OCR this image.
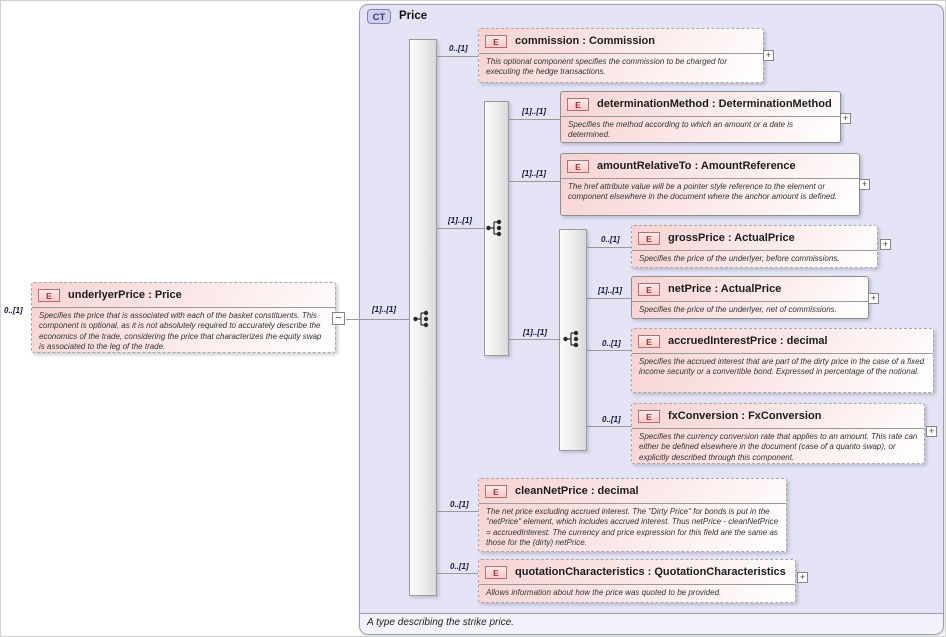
CT	Price
A type describing the strike price.
0..[1]	[1]..[1]
0..[1]
[1]..[1]
0..[1]
0..[1]
[1]..[1]
[1]..[1]
[1]..[1]
0..[1]
[1]..[1]
0..[1]
0..[1]
E	underlyerPrice : Price
Specifies the price that is associated with each of the basket constituents. This component is optional, as it is not absolutely required to accurately describe the economics of the trade, considering the price that characterizes the equity swap is associated to the leg of the trade.
−
E	commission : Commission
This optional component specifies the commission to be charged for executing the hedge transactions.
+
E	determinationMethod : DeterminationMethod
Specifies the method according to which an amount or a date is determined.
+
E	amountRelativeTo : AmountReference
The href attribute value will be a pointer style reference to the element or component elsewhere in the document where the anchor amount is defined.
+
E	grossPrice : ActualPrice
Specifies the price of the underlyer, before commissions.
+
E	netPrice : ActualPrice
Specifies the price of the underlyer, net of commissions.
+
E	accruedInterestPrice : decimal
Specifies the accrued interest that are part of the dirty price in the case of a fixed income security or a convertible bond. Expressed in percentage of the notional.
E	fxConversion : FxConversion
Specifies the currency conversion rate that applies to an amount. This rate can either be defined elsewhere in the document (case of a quanto swap), or explicitly described through this component.
+
E	cleanNetPrice : decimal
The net price excluding accrued interest. The "Dirty Price" for bonds is put in the "netPrice" element, which includes accrued interest. Thus netPrice - cleanNetPrice = accruedInterest. The currency and price expression for this field are the same as those for the (dirty) netPrice.
E	quotationCharacteristics : QuotationCharacteristics
Allows information about how the price was quoted to be provided.
+
